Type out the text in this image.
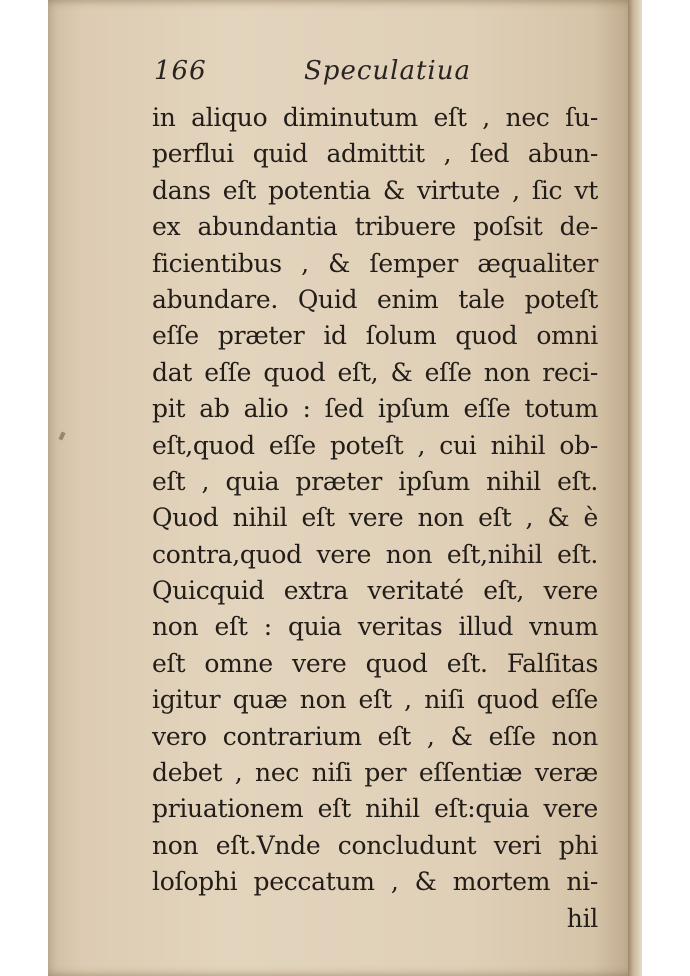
166	Speculatiua
in aliquo diminutum eſt , nec ſu-
perflui quid admittit , ſed abun-
dans eſt potentia & virtute , ſic vt
ex abundantia tribuere poſsit de-
ficientibus , & ſemper æqualiter
abundare. Quid enim tale poteſt
eſſe præter id ſolum quod omni
dat eſſe quod eſt, & eſſe non reci-
pit ab alio : ſed ipſum eſſe totum
eſt,quod eſſe poteſt , cui nihil ob-
eſt , quia præter ipſum nihil eſt.
Quod nihil eſt vere non eſt , & è
contra,quod vere non eſt,nihil eſt.
Quicquid extra veritaté eſt, vere
non eſt : quia veritas illud vnum
eſt omne vere quod eſt. Falſitas
igitur quæ non eſt , niſi quod eſſe
vero contrarium eſt , & eſſe non
debet , nec niſi per eſſentiæ veræ
priuationem eſt nihil eſt:quia vere
non eſt.Vnde concludunt veri phi
loſophi peccatum , & mortem ni-
hil
